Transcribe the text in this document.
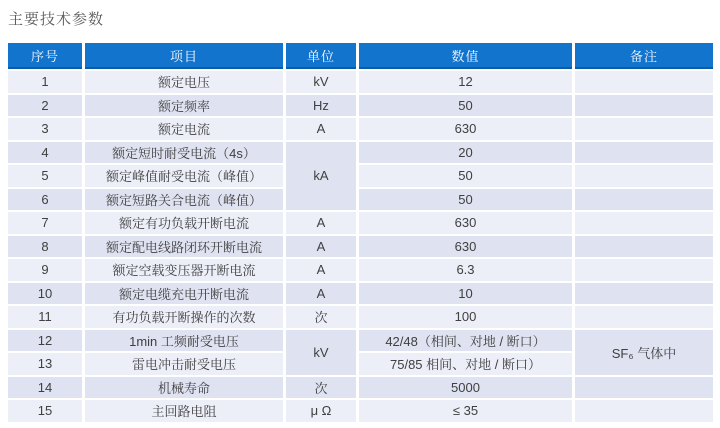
主要技术参数
序号	项目	单位	数值	备注
1	额定电压	kV	12	
2	额定频率	Hz	50	
3	额定电流	A	630	
4	额定短时耐受电流（4s）	kA	20	
5	额定峰值耐受电流（峰值）		50	
6	额定短路关合电流（峰值）		50	
7	额定有功负载开断电流	A	630	
8	额定配电线路闭环开断电流	A	630	
9	额定空载变压器开断电流	A	6.3	
10	额定电缆充电开断电流	A	10	
11	有功负载开断操作的次数	次	100	
12	1min 工频耐受电压	kV	42/48（相间、对地 / 断口）	SF₆ 气体中
13	雷电冲击耐受电压		75/85 相间、对地 / 断口）	
14	机械寿命	次	5000	
15	主回路电阻	μ Ω	≤ 35	
